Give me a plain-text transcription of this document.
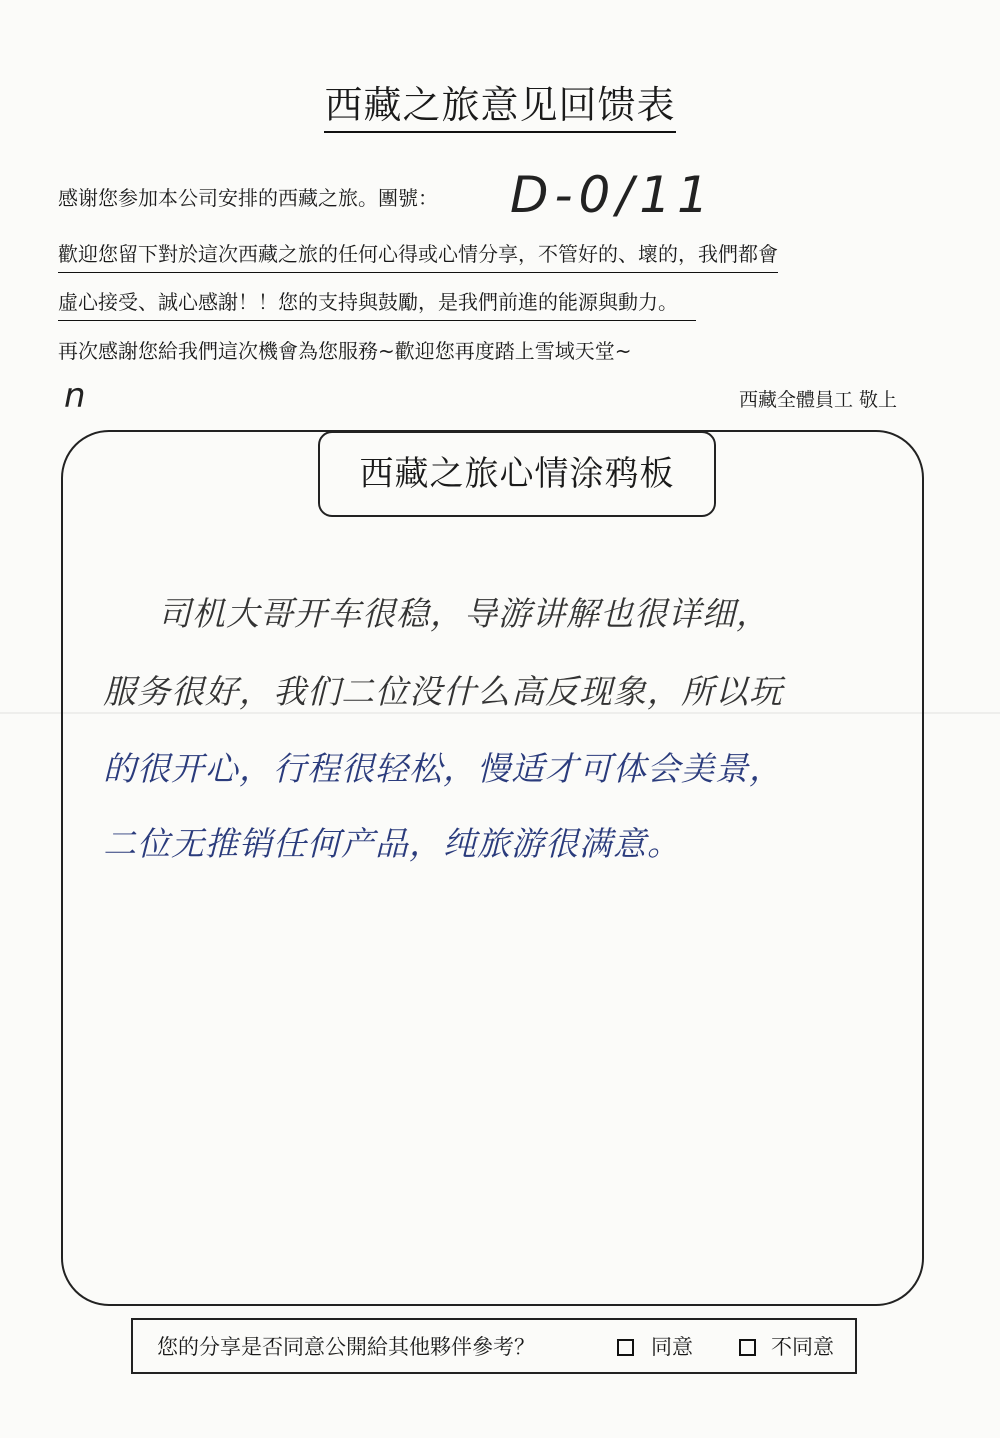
西藏之旅意见回馈表
感谢您参加本公司安排的西藏之旅。團號： D-0/11
歡迎您留下對於這次西藏之旅的任何心得或心情分享，不管好的、壞的，我們都會
虛心接受、誠心感謝！！您的支持與鼓勵，是我們前進的能源與動力。
再次感謝您給我們這次機會為您服務~歡迎您再度踏上雪域天堂~
n	西藏全體員工 敬上
西藏之旅心情涂鸦板
司机大哥开车很稳，导游讲解也很详细，
服务很好，我们二位没什么高反现象，所以玩
的很开心，行程很轻松，慢适才可体会美景，
二位无推销任何产品，纯旅游很满意。
您的分享是否同意公開給其他夥伴參考？	同意	不同意
